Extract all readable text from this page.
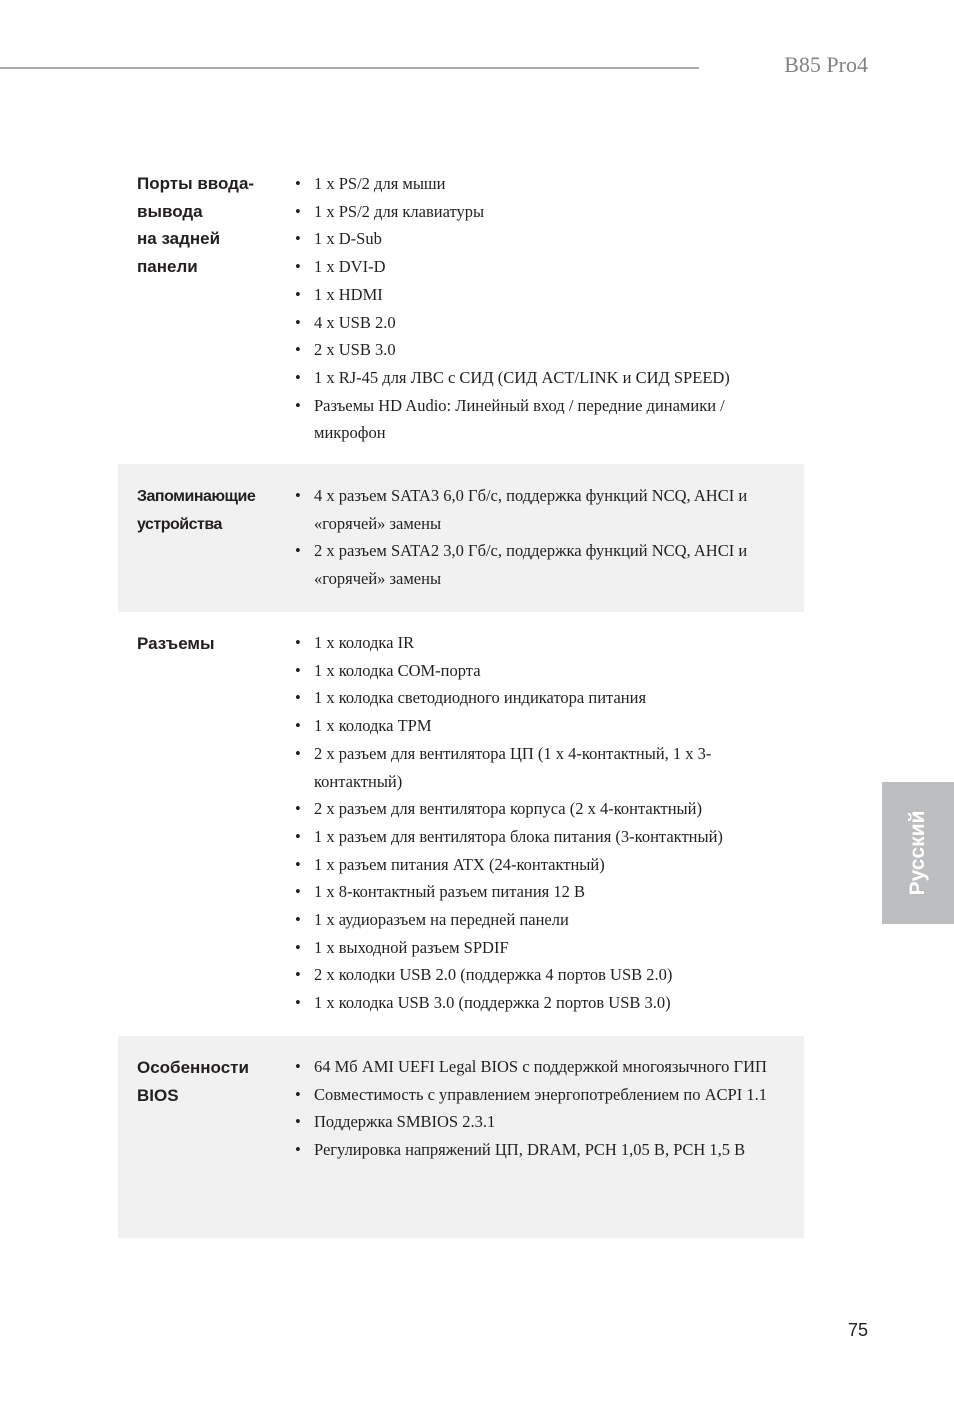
B85 Pro4
Порты ввода-
вывода
на задней
панели
• 1 x PS/2 для мыши
• 1 x PS/2 для клавиатуры
• 1 x D-Sub
• 1 x DVI-D
• 1 x HDMI
• 4 x USB 2.0
• 2 x USB 3.0
• 1 x RJ-45 для ЛВС с СИД (СИД ACT/LINK и СИД SPEED)
• Разъемы HD Audio: Линейный вход / передние динамики / микрофон
Запоминающие
устройства
• 4 x разъем SATA3 6,0 Гб/с, поддержка функций NCQ, AHCI и «горячей» замены
• 2 x разъем SATA2 3,0 Гб/с, поддержка функций NCQ, AHCI и «горячей» замены
Разъемы
•	1 x колодка IR
• 1 x колодка COM-порта
• 1 x колодка светодиодного индикатора питания
• 1 x колодка TPM
• 2 x разъем для вентилятора ЦП (1 x 4-контактный, 1 x 3-контактный)
• 2 x разъем для вентилятора корпуса (2 x 4-контактный)
• 1 x разъем для вентилятора блока питания (3-контактный)
• 1 x разъем питания ATX (24-контактный)
• 1 x 8-контактный разъем питания 12 В
• 1 x аудиоразъем на передней панели
• 1 x выходной разъем SPDIF
• 2 x колодки USB 2.0 (поддержка 4 портов USB 2.0)
• 1 x колодка USB 3.0 (поддержка 2 портов USB 3.0)
Особенности
BIOS
• 64 Мб AMI UEFI Legal BIOS с поддержкой многоязычного ГИП
• Совместимость с управлением энергопотреблением по ACPI 1.1
• Поддержка SMBIOS 2.3.1
• Регулировка напряжений ЦП, DRAM, PCH 1,05 В, PCH 1,5 В
Русский
75
